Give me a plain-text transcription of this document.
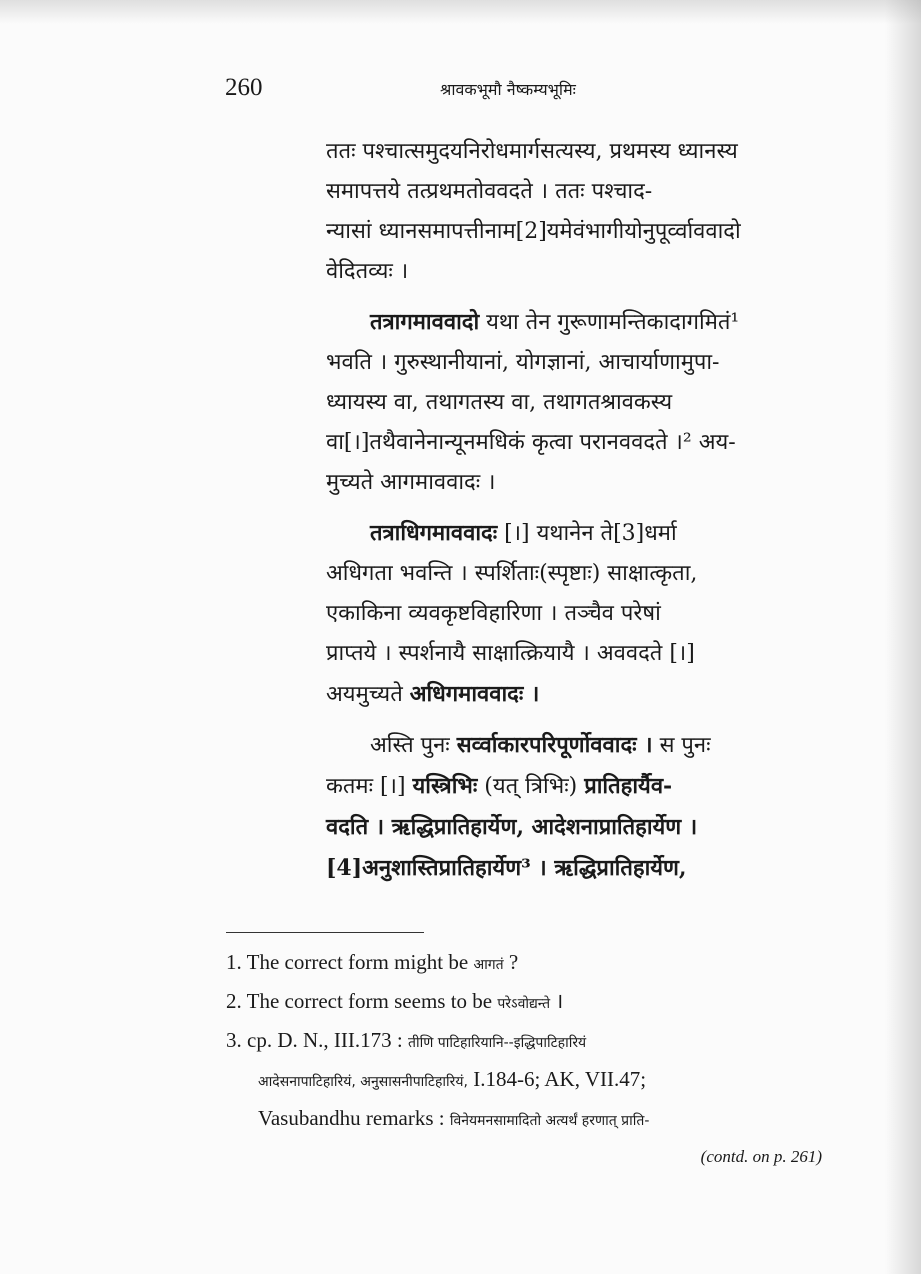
260	श्रावकभूमौ नैष्कम्यभूमिः
ततः पश्चात्समुदयनिरोधमार्गसत्यस्य, प्रथमस्य ध्यानस्य
समापत्तये तत्प्रथमतोववदते । ततः पश्चाद-
न्यासां ध्यानसमापत्तीनाम[2]यमेवंभागीयोनुपूर्व्वाववादो
वेदितव्यः ।
तत्रागमाववादो यथा तेन गुरूणामन्तिकादागमितं¹
भवति । गुरुस्थानीयानां, योगज्ञानां, आचार्याणामुपा-
ध्यायस्य वा, तथागतस्य वा, तथागतश्रावकस्य
वा[।]तथैवानेनान्यूनमधिकं कृत्वा परानववदते ।² अय-
मुच्यते आगमाववादः ।
तत्राधिगमाववादः [।] यथानेन ते[3]धर्मा
अधिगता भवन्ति । स्पर्शिताः(स्पृष्टाः) साक्षात्कृता,
एकाकिना व्यवकृष्टविहारिणा । तञ्चैव परेषां
प्राप्तये । स्पर्शनायै साक्षात्क्रियायै । अववदते [।]
अयमुच्यते अधिगमाववादः ।
अस्ति पुनः सर्व्वाकारपरिपूर्णोववादः । स पुनः
कतमः [।] यस्त्रिभिः (यत् त्रिभिः) प्रातिहार्यैव-
वदति । ऋद्धिप्रातिहार्येण, आदेशनाप्रातिहार्येण ।
[4]अनुशास्तिप्रातिहार्येण³ । ऋद्धिप्रातिहार्येण,
1. The correct form might be आगतं ?
2. The correct form seems to be परेऽवोद्यन्ते ।
3. cp. D. N., III.173 : तीणि पाटिहारियानि--इद्धिपाटिहारियं
आदेसनापाटिहारियं, अनुसासनीपाटिहारियं, I.184-6; AK, VII.47;
Vasubandhu remarks : विनेयमनसामादितो अत्यर्थं हरणात् प्राति-
(contd. on p. 261)
